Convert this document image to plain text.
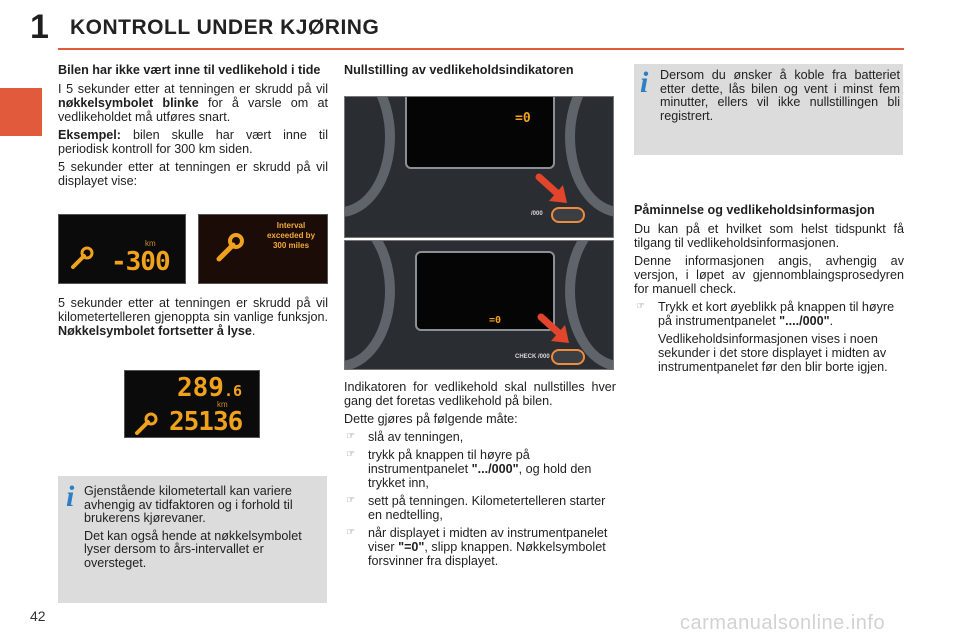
1 KONTROLL UNDER KJØRING
Bilen har ikke vært inne til vedlikehold i tide
I 5 sekunder etter at tenningen er skrudd på vil nøkkelsymbolet blinke for å varsle om at vedlikeholdet må utføres snart.
Eksempel: bilen skulle har vært inne til periodisk kontroll for 300 km siden.
5 sekunder etter at tenningen er skrudd på vil displayet vise:
km
-300
Interval
exceeded by
300 miles
5 sekunder etter at tenningen er skrudd på vil kilometertelleren gjenoppta sin vanlige funksjon. Nøkkelsymbolet fortsetter å lyse.
289.6
km
25136
i Gjenstående kilometertall kan variere avhengig av tidfaktoren og i forhold til brukerens kjørevaner.
Det kan også hende at nøkkelsymbolet lyser dersom to års-intervallet er oversteget.
Nullstilling av vedlikeholdsindikatoren
=0
/000
=0
CHECK /000
Indikatoren for vedlikehold skal nullstilles hver gang det foretas vedlikehold på bilen.
Dette gjøres på følgende måte:
☞ slå av tenningen,
☞ trykk på knappen til høyre på instrumentpanelet ".../000", og hold den trykket inn,
☞ sett på tenningen. Kilometertelleren starter en nedtelling,
☞ når displayet i midten av instrumentpanelet viser "=0", slipp knappen. Nøkkelsymbolet forsvinner fra displayet.
i Dersom du ønsker å koble fra batteriet etter dette, lås bilen og vent i minst fem minutter, ellers vil ikke nullstillingen bli registrert.
Påminnelse og vedlikeholdsinformasjon
Du kan på et hvilket som helst tidspunkt få tilgang til vedlikeholdsinformasjonen.
Denne informasjonen angis, avhengig av versjon, i løpet av gjennomblaingsprosedyren for manuell check.
☞ Trykk et kort øyeblikk på knappen til høyre på instrumentpanelet "..../000".
Vedlikeholdsinformasjonen vises i noen sekunder i det store displayet i midten av instrumentpanelet før den blir borte igjen.
42	carmanualsonline.info
